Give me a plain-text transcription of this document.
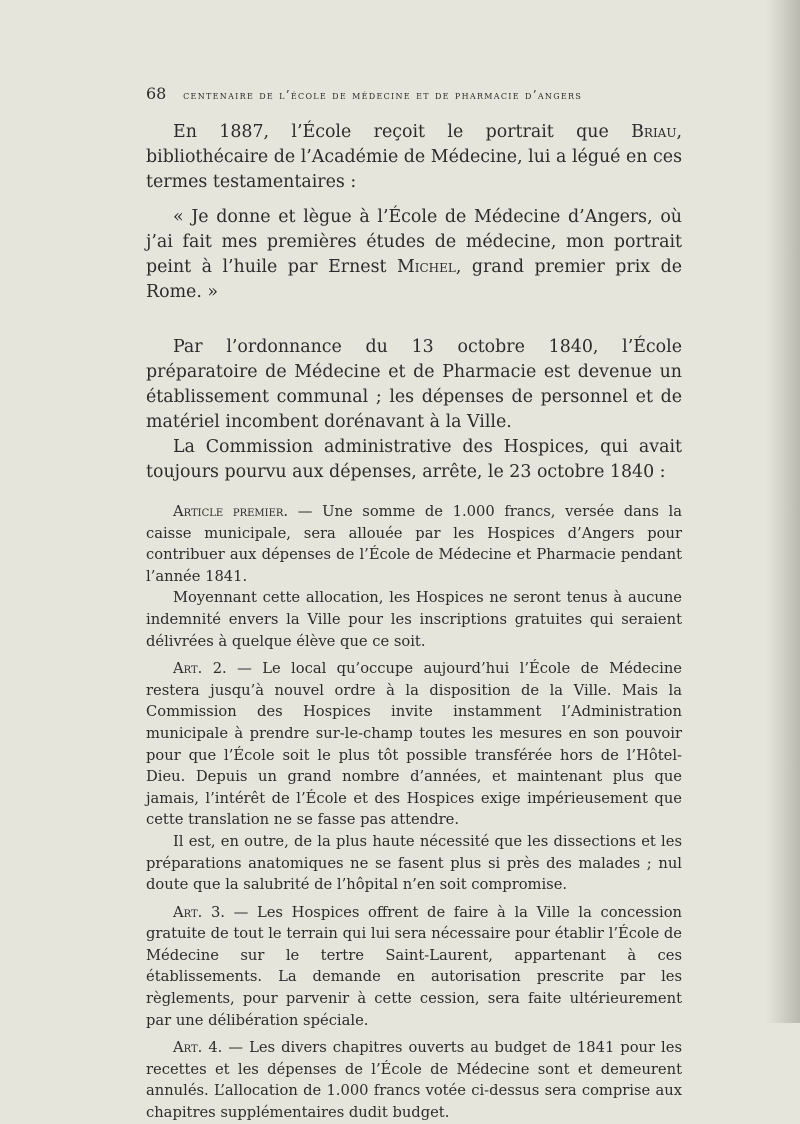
68 centenaire de l’école de médecine et de pharmacie d’angers

En 1887, l’École reçoit le portrait que Briau, bibliothécaire de l’Académie de Médecine, lui a légué en ces termes testamentaires :

« Je donne et lègue à l’École de Médecine d’Angers, où j’ai fait mes premières études de médecine, mon portrait peint à l’huile par Ernest Michel, grand premier prix de Rome. »

Par l’ordonnance du 13 octobre 1840, l’École préparatoire de Médecine et de Pharmacie est devenue un établissement communal ; les dépenses de personnel et de matériel incombent dorénavant à la Ville.

La Commission administrative des Hospices, qui avait toujours pourvu aux dépenses, arrête, le 23 octobre 1840 :

Article premier. — Une somme de 1.000 francs, versée dans la caisse municipale, sera allouée par les Hospices d’Angers pour contribuer aux dépenses de l’École de Médecine et Pharmacie pendant l’année 1841.

Moyennant cette allocation, les Hospices ne seront tenus à aucune indemnité envers la Ville pour les inscriptions gratuites qui seraient délivrées à quelque élève que ce soit.

Art. 2. — Le local qu’occupe aujourd’hui l’École de Médecine restera jusqu’à nouvel ordre à la disposition de la Ville. Mais la Commission des Hospices invite instamment l’Administration municipale à prendre sur-le-champ toutes les mesures en son pouvoir pour que l’École soit le plus tôt possible transférée hors de l’Hôtel-Dieu. Depuis un grand nombre d’années, et maintenant plus que jamais, l’intérêt de l’École et des Hospices exige impérieusement que cette translation ne se fasse pas attendre.

Il est, en outre, de la plus haute nécessité que les dissections et les préparations anatomiques ne se fasent plus si près des malades ; nul doute que la salubrité de l’hôpital n’en soit compromise.

Art. 3. — Les Hospices offrent de faire à la Ville la concession gratuite de tout le terrain qui lui sera nécessaire pour établir l’École de Médecine sur le tertre Saint-Laurent, appartenant à ces établissements. La demande en autorisation prescrite par les règlements, pour parvenir à cette cession, sera faite ultérieurement par une délibération spéciale.

Art. 4. — Les divers chapitres ouverts au budget de 1841 pour les recettes et les dépenses de l’École de Médecine sont et demeurent annulés. L’allocation de 1.000 francs votée ci-dessus sera comprise aux chapitres supplémentaires dudit budget.
